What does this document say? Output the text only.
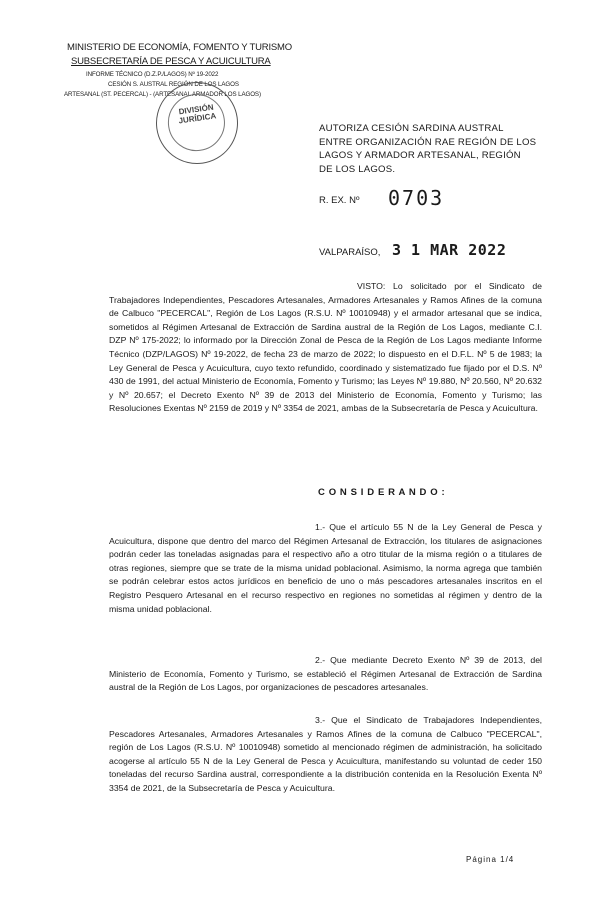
MINISTERIO DE ECONOMÍA, FOMENTO Y TURISMO
SUBSECRETARÍA DE PESCA Y ACUICULTURA
INFORME TÉCNICO (D.Z.P./LAGOS) Nº 19-2022
CESIÓN S. AUSTRAL REGIÓN DE LOS LAGOS
ARTESANAL (ST. PECERCAL) - (ARTESANAL ARMADOR LOS LAGOS)
DIVISIÓN JURÍDICA
AUTORIZA CESIÓN SARDINA AUSTRAL ENTRE ORGANIZACIÓN RAE REGIÓN DE LOS LAGOS Y ARMADOR ARTESANAL, REGIÓN DE LOS LAGOS.
R. EX. Nº 0703
VALPARAÍSO, 3 1 MAR 2022
VISTO: Lo solicitado por el Sindicato de Trabajadores Independientes, Pescadores Artesanales, Armadores Artesanales y Ramos Afines de la comuna de Calbuco "PECERCAL", Región de Los Lagos (R.S.U. Nº 10010948) y el armador artesanal que se indica, sometidos al Régimen Artesanal de Extracción de Sardina austral de la Región de Los Lagos, mediante C.I. DZP Nº 175-2022; lo informado por la Dirección Zonal de Pesca de la Región de Los Lagos mediante Informe Técnico (DZP/LAGOS) Nº 19-2022, de fecha 23 de marzo de 2022; lo dispuesto en el D.F.L. Nº 5 de 1983; la Ley General de Pesca y Acuicultura, cuyo texto refundido, coordinado y sistematizado fue fijado por el D.S. Nº 430 de 1991, del actual Ministerio de Economía, Fomento y Turismo; las Leyes Nº 19.880, Nº 20.560, Nº 20.632 y Nº 20.657; el Decreto Exento Nº 39 de 2013 del Ministerio de Economía, Fomento y Turismo; las Resoluciones Exentas Nº 2159 de 2019 y Nº 3354 de 2021, ambas de la Subsecretaría de Pesca y Acuicultura.
C O N S I D E R A N D O :
1.- Que el artículo 55 N de la Ley General de Pesca y Acuicultura, dispone que dentro del marco del Régimen Artesanal de Extracción, los titulares de asignaciones podrán ceder las toneladas asignadas para el respectivo año a otro titular de la misma región o a titulares de otras regiones, siempre que se trate de la misma unidad poblacional. Asimismo, la norma agrega que también se podrán celebrar estos actos jurídicos en beneficio de uno o más pescadores artesanales inscritos en el Registro Pesquero Artesanal en el recurso respectivo en regiones no sometidas al régimen y dentro de la misma unidad poblacional.
2.- Que mediante Decreto Exento Nº 39 de 2013, del Ministerio de Economía, Fomento y Turismo, se estableció el Régimen Artesanal de Extracción de Sardina austral de la Región de Los Lagos, por organizaciones de pescadores artesanales.
3.- Que el Sindicato de Trabajadores Independientes, Pescadores Artesanales, Armadores Artesanales y Ramos Afines de la comuna de Calbuco "PECERCAL", región de Los Lagos (R.S.U. Nº 10010948) sometido al mencionado régimen de administración, ha solicitado acogerse al artículo 55 N de la Ley General de Pesca y Acuicultura, manifestando su voluntad de ceder 150 toneladas del recurso Sardina austral, correspondiente a la distribución contenida en la Resolución Exenta Nº 3354 de 2021, de la Subsecretaría de Pesca y Acuicultura.
Página 1/4
